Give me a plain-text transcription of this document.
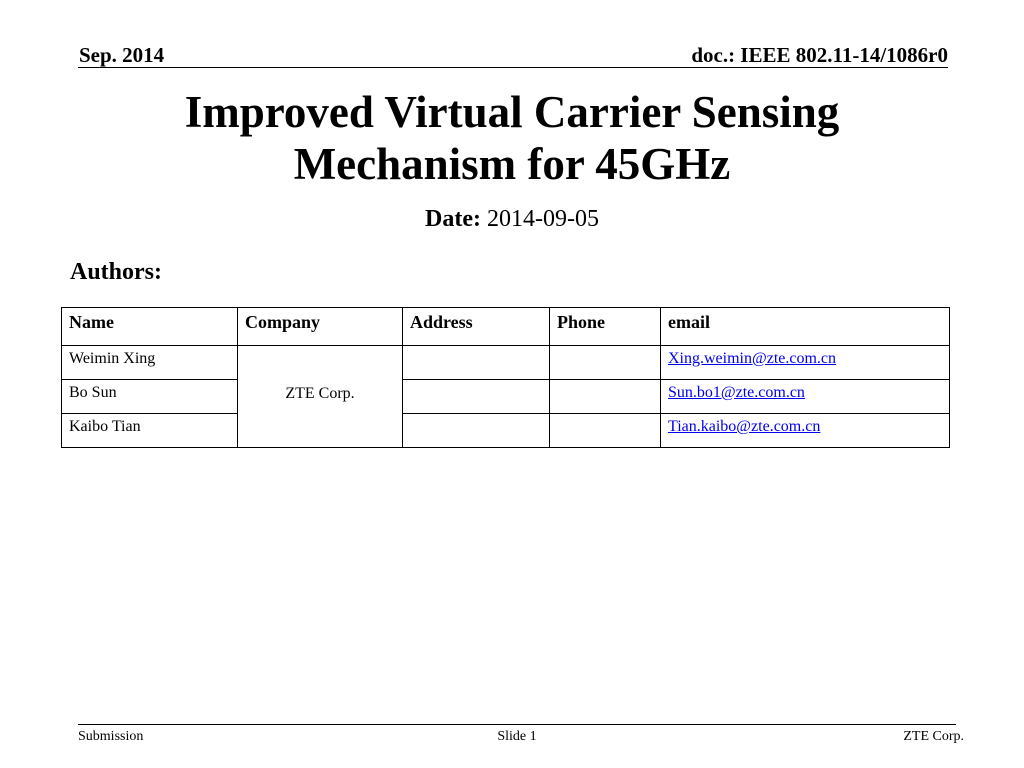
Sep. 2014	doc.: IEEE 802.11-14/1086r0
Improved Virtual Carrier Sensing
Mechanism for 45GHz
Date: 2014-09-05
Authors:
Name	Company	Address	Phone	email
Weimin Xing	ZTE Corp.			Xing.weimin@zte.com.cn
Bo Sun				Sun.bo1@zte.com.cn
Kaibo Tian				Tian.kaibo@zte.com.cn
Submission	Slide 1	ZTE Corp.
